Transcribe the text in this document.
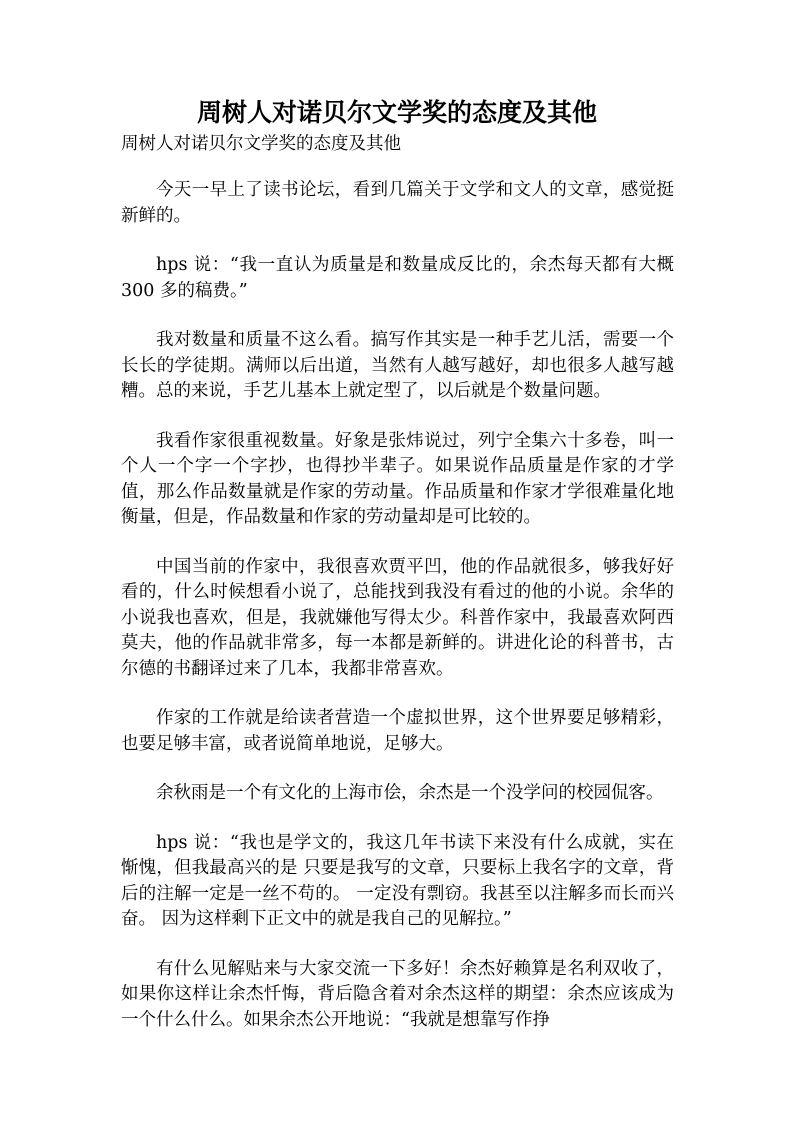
周树人对诺贝尔文学奖的态度及其他
周树人对诺贝尔文学奖的态度及其他

今天一早上了读书论坛，看到几篇关于文学和文人的文章，感觉挺新鲜的。

hps 说：“我一直认为质量是和数量成反比的，余杰每天都有大概 300 多的稿费。”

我对数量和质量不这么看。搞写作其实是一种手艺儿活，需要一个长长的学徒期。满师以后出道，当然有人越写越好，却也很多人越写越糟。总的来说，手艺儿基本上就定型了，以后就是个数量问题。

我看作家很重视数量。好象是张炜说过，列宁全集六十多卷，叫一个人一个字一个字抄，也得抄半辈子。如果说作品质量是作家的才学值，那么作品数量就是作家的劳动量。作品质量和作家才学很难量化地衡量，但是，作品数量和作家的劳动量却是可比较的。

中国当前的作家中，我很喜欢贾平凹，他的作品就很多，够我好好看的，什么时候想看小说了，总能找到我没有看过的他的小说。余华的小说我也喜欢，但是，我就嫌他写得太少。科普作家中，我最喜欢阿西莫夫，他的作品就非常多，每一本都是新鲜的。讲进化论的科普书，古尔德的书翻译过来了几本，我都非常喜欢。

作家的工作就是给读者营造一个虚拟世界，这个世界要足够精彩，也要足够丰富，或者说简单地说，足够大。

余秋雨是一个有文化的上海市侩，余杰是一个没学问的校园侃客。

hps 说：“我也是学文的，我这几年书读下来没有什么成就，实在惭愧，但我最高兴的是 只要是我写的文章，只要标上我名字的文章，背后的注解一定是一丝不苟的。 一定没有剽窃。我甚至以注解多而长而兴奋。 因为这样剩下正文中的就是我自己的见解拉。”

有什么见解贴来与大家交流一下多好！余杰好赖算是名利双收了，如果你这样让余杰忏悔，背后隐含着对余杰这样的期望：余杰应该成为一个什么什么。如果余杰公开地说：“我就是想靠写作挣
